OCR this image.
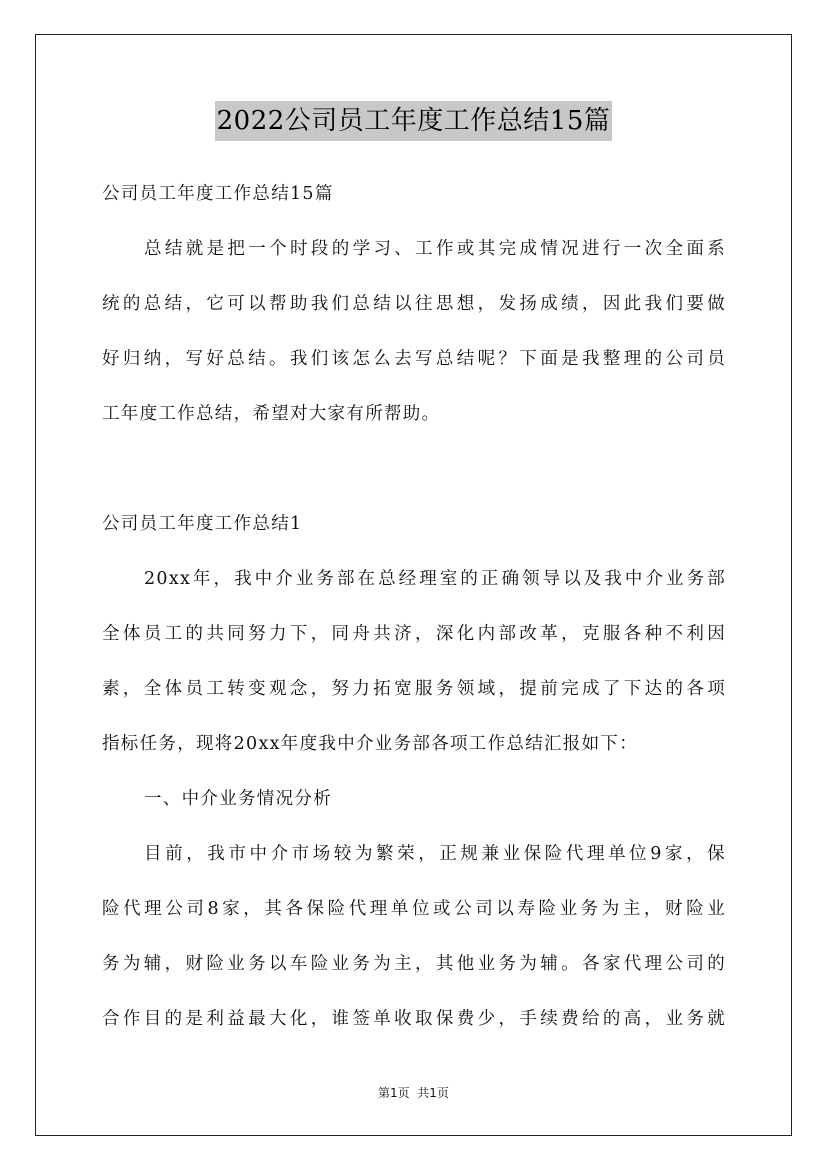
2022公司员工年度工作总结15篇
公司员工年度工作总结15篇
总结就是把一个时段的学习、工作或其完成情况进行一次全面系
统的总结，它可以帮助我们总结以往思想，发扬成绩，因此我们要做
好归纳，写好总结。我们该怎么去写总结呢？下面是我整理的公司员
工年度工作总结，希望对大家有所帮助。
公司员工年度工作总结1
20xx年，我中介业务部在总经理室的正确领导以及我中介业务部
全体员工的共同努力下，同舟共济，深化内部改革，克服各种不利因
素，全体员工转变观念，努力拓宽服务领域，提前完成了下达的各项
指标任务，现将20xx年度我中介业务部各项工作总结汇报如下：
一、中介业务情况分析
目前，我市中介市场较为繁荣，正规兼业保险代理单位9家，保
险代理公司8家，其各保险代理单位或公司以寿险业务为主，财险业
务为辅，财险业务以车险业务为主，其他业务为辅。各家代理公司的
合作目的是利益最大化，谁签单收取保费少，手续费给的高，业务就
第1页  共1页
